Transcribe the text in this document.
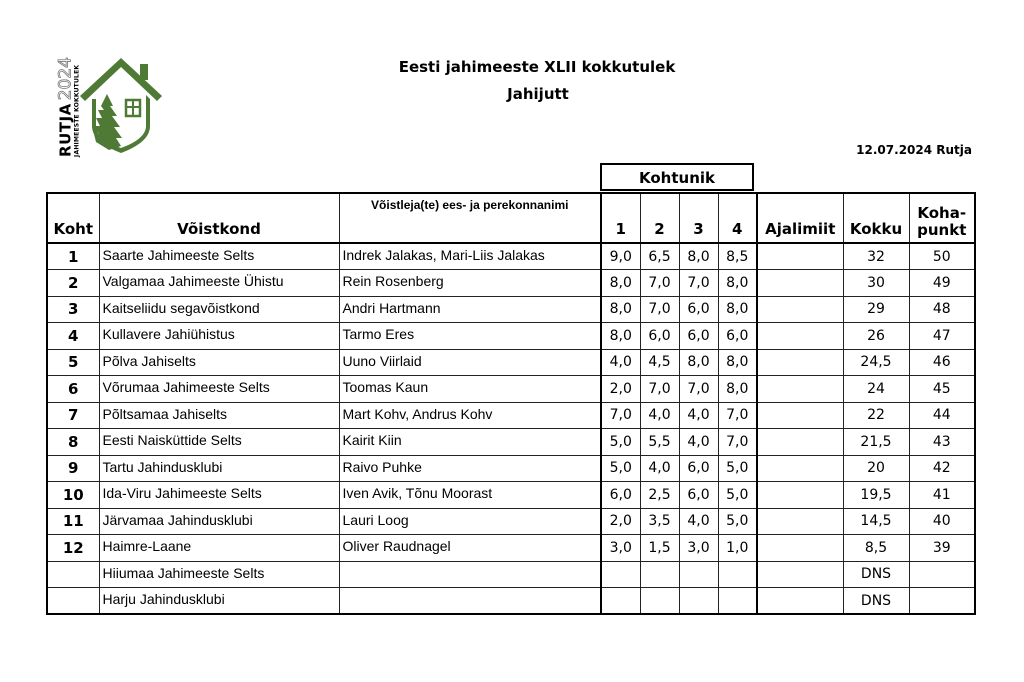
RUTJA2024
JAHIMEESTE KOKKUTULEK	Eesti jahimeeste XLII kokkutulek
Jahijutt
12.07.2024 Rutja
Kohtunik
Koht	Võistkond	Võistleja(te) ees- ja perekonnanimi	1	2	3	4	Ajalimiit	Kokku	Koha-punkt
1	Saarte Jahimeeste Selts	Indrek Jalakas, Mari-Liis Jalakas	9,0	6,5	8,0	8,5		32	50
2	Valgamaa Jahimeeste Ühistu	Rein Rosenberg	8,0	7,0	7,0	8,0		30	49
3	Kaitseliidu segavõistkond	Andri Hartmann	8,0	7,0	6,0	8,0		29	48
4	Kullavere Jahiühistus	Tarmo Eres	8,0	6,0	6,0	6,0		26	47
5	Põlva Jahiselts	Uuno Viirlaid	4,0	4,5	8,0	8,0		24,5	46
6	Võrumaa Jahimeeste Selts	Toomas Kaun	2,0	7,0	7,0	8,0		24	45
7	Põltsamaa Jahiselts	Mart Kohv, Andrus Kohv	7,0	4,0	4,0	7,0		22	44
8	Eesti Naisküttide Selts	Kairit Kiin	5,0	5,5	4,0	7,0		21,5	43
9	Tartu Jahindusklubi	Raivo Puhke	5,0	4,0	6,0	5,0		20	42
10	Ida-Viru Jahimeeste Selts	Iven Avik, Tõnu Moorast	6,0	2,5	6,0	5,0		19,5	41
11	Järvamaa Jahindusklubi	Lauri Loog	2,0	3,5	4,0	5,0		14,5	40
12	Haimre-Laane	Oliver Raudnagel	3,0	1,5	3,0	1,0		8,5	39
	Hiiumaa Jahimeeste Selts							DNS	
	Harju Jahindusklubi							DNS	
